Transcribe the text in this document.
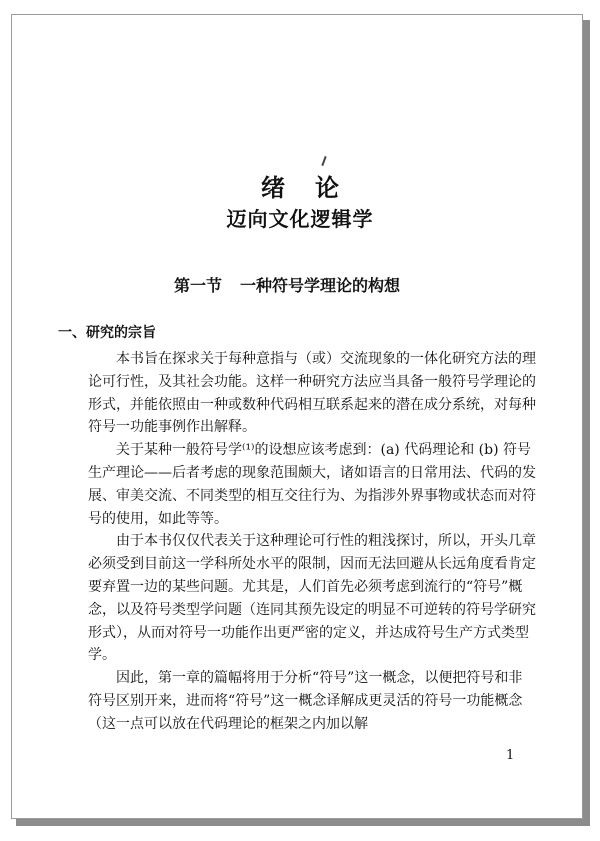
绪论
迈向文化逻辑学
第一节 一种符号学理论的构想
一、研究的宗旨

本书旨在探求关于每种意指与（或）交流现象的一体化研究方法的理论可行性，及其社会功能。这样一种研究方法应当具备一般符号学理论的形式，并能依照由一种或数种代码相互联系起来的潜在成分系统，对每种符号一功能事例作出解释。

关于某种一般符号学⁽¹⁾的设想应该考虑到：(a) 代码理论和 (b) 符号生产理论——后者考虑的现象范围颇大，诸如语言的日常用法、代码的发展、审美交流、不同类型的相互交往行为、为指涉外界事物或状态而对符号的使用，如此等等。

由于本书仅仅代表关于这种理论可行性的粗浅探讨，所以，开头几章必须受到目前这一学科所处水平的限制，因而无法回避从长远角度看肯定要弃置一边的某些问题。尤其是，人们首先必须考虑到流行的“符号”概念，以及符号类型学问题（连同其预先设定的明显不可逆转的符号学研究形式），从而对符号一功能作出更严密的定义，并达成符号生产方式类型学。

因此，第一章的篇幅将用于分析“符号”这一概念，以便把符号和非符号区别开来，进而将“符号”这一概念译解成更灵活的符号一功能概念（这一点可以放在代码理论的框架之内加以解

1
